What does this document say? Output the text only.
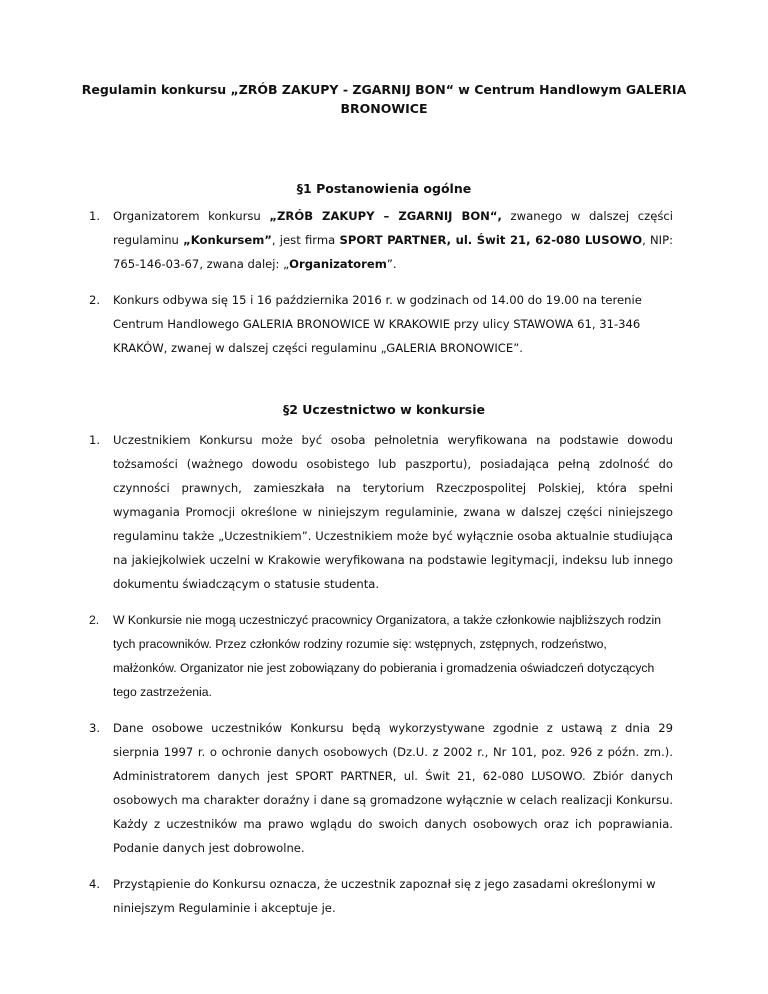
Regulamin konkursu „ZRÓB ZAKUPY - ZGARNIJ BON“ w Centrum Handlowym GALERIA
BRONOWICE
§1 Postanowienia ogólne
1. Organizatorem konkursu „ZRÓB ZAKUPY – ZGARNIJ BON“, zwanego w dalszej części regulaminu „Konkursem”, jest firma SPORT PARTNER, ul. Świt 21, 62-080 LUSOWO, NIP: 765-146-03-67, zwana dalej: „Organizatorem”.
2. Konkurs odbywa się 15 i 16 października 2016 r. w godzinach od 14.00 do 19.00 na terenie Centrum Handlowego GALERIA BRONOWICE W KRAKOWIE przy ulicy STAWOWA 61, 31-346 KRAKÓW, zwanej w dalszej części regulaminu „GALERIA BRONOWICE”.
§2 Uczestnictwo w konkursie
1. Uczestnikiem Konkursu może być osoba pełnoletnia weryfikowana na podstawie dowodu tożsamości (ważnego dowodu osobistego lub paszportu), posiadająca pełną zdolność do czynności prawnych, zamieszkała na terytorium Rzeczpospolitej Polskiej, która spełni wymagania Promocji określone w niniejszym regulaminie, zwana w dalszej części niniejszego regulaminu także „Uczestnikiem”. Uczestnikiem może być wyłącznie osoba aktualnie studiująca na jakiejkolwiek uczelni w Krakowie weryfikowana na podstawie legitymacji, indeksu lub innego dokumentu świadczącym o statusie studenta.
2. W Konkursie nie mogą uczestniczyć pracownicy Organizatora, a także członkowie najbliższych rodzin tych pracowników. Przez członków rodziny rozumie się: wstępnych, zstępnych, rodzeństwo, małżonków. Organizator nie jest zobowiązany do pobierania i gromadzenia oświadczeń dotyczących tego zastrzeżenia.
3. Dane osobowe uczestników Konkursu będą wykorzystywane zgodnie z ustawą z dnia 29 sierpnia 1997 r. o ochronie danych osobowych (Dz.U. z 2002 r., Nr 101, poz. 926 z późn. zm.). Administratorem danych jest SPORT PARTNER, ul. Świt 21, 62-080 LUSOWO. Zbiór danych osobowych ma charakter doraźny i dane są gromadzone wyłącznie w celach realizacji Konkursu. Każdy z uczestników ma prawo wglądu do swoich danych osobowych oraz ich poprawiania. Podanie danych jest dobrowolne.
4. Przystąpienie do Konkursu oznacza, że uczestnik zapoznał się z jego zasadami określonymi w niniejszym Regulaminie i akceptuje je.
